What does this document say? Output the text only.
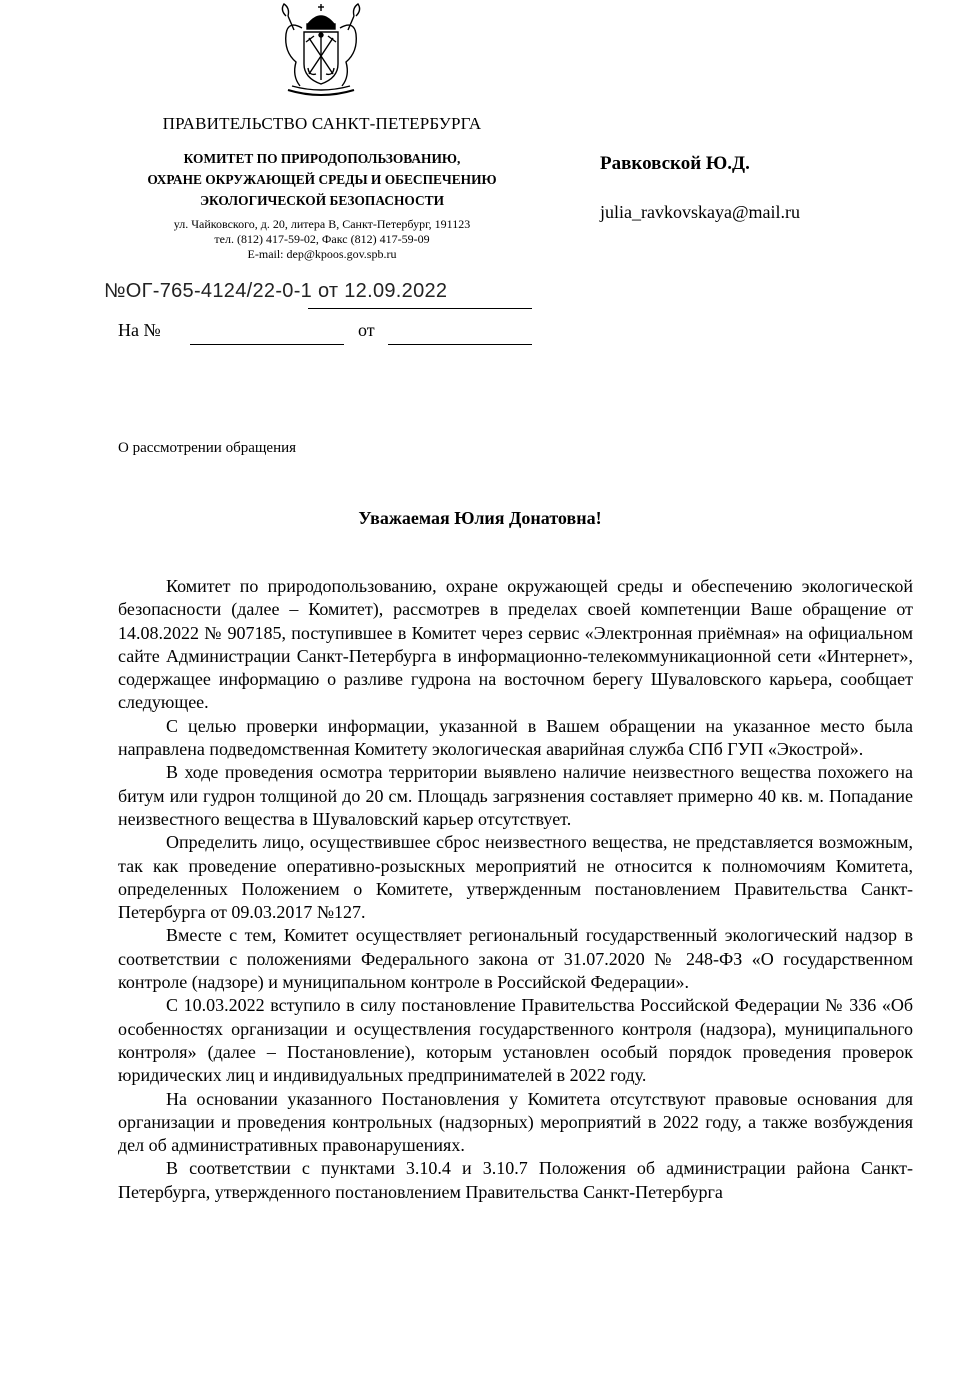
ПРАВИТЕЛЬСТВО САНКТ-ПЕТЕРБУРГА
КОМИТЕТ ПО ПРИРОДОПОЛЬЗОВАНИЮ,
ОХРАНЕ ОКРУЖАЮЩЕЙ СРЕДЫ И ОБЕСПЕЧЕНИЮ
ЭКОЛОГИЧЕСКОЙ БЕЗОПАСНОСТИ
ул. Чайковского, д. 20, литера В, Санкт-Петербург, 191123
тел. (812) 417-59-02, Факс (812) 417-59-09
E-mail: dep@kpoos.gov.spb.ru
Равковской Ю.Д.
julia_ravkovskaya@mail.ru
№ОГ-765-4124/22-0-1 от 12.09.2022
На №	от
О рассмотрении обращения
Уважаемая Юлия Донатовна!

Комитет по природопользованию, охране окружающей среды и обеспечению экологической безопасности (далее – Комитет), рассмотрев в пределах своей компетенции Ваше обращение от 14.08.2022 № 907185, поступившее в Комитет через сервис «Электронная приёмная» на официальном сайте Администрации Санкт-Петербурга в информационно-телекоммуникационной сети «Интернет», содержащее информацию о разливе гудрона на восточном берегу Шуваловского карьера, сообщает следующее.

С целью проверки информации, указанной в Вашем обращении на указанное место была направлена подведомственная Комитету экологическая аварийная служба СПб ГУП «Экострой».

В ходе проведения осмотра территории выявлено наличие неизвестного вещества похожего на битум или гудрон толщиной до 20 см. Площадь загрязнения составляет примерно 40 кв. м. Попадание неизвестного вещества в Шуваловский карьер отсутствует.

Определить лицо, осуществившее сброс неизвестного вещества, не представляется возможным, так как проведение оперативно-розыскных мероприятий не относится к полномочиям Комитета, определенных Положением о Комитете, утвержденным постановлением Правительства Санкт-Петербурга от 09.03.2017 №127.

Вместе с тем, Комитет осуществляет региональный государственный экологический надзор в соответствии с положениями Федерального закона от 31.07.2020 № 248-ФЗ «О государственном контроле (надзоре) и муниципальном контроле в Российской Федерации».

С 10.03.2022 вступило в силу постановление Правительства Российской Федерации № 336 «Об особенностях организации и осуществления государственного контроля (надзора), муниципального контроля» (далее – Постановление), которым установлен особый порядок проведения проверок юридических лиц и индивидуальных предпринимателей в 2022 году.

На основании указанного Постановления у Комитета отсутствуют правовые основания для организации и проведения контрольных (надзорных) мероприятий в 2022 году, а также возбуждения дел об административных правонарушениях.

В соответствии с пунктами 3.10.4 и 3.10.7 Положения об администрации района Санкт-Петербурга, утвержденного постановлением Правительства Санкт-Петербурга
